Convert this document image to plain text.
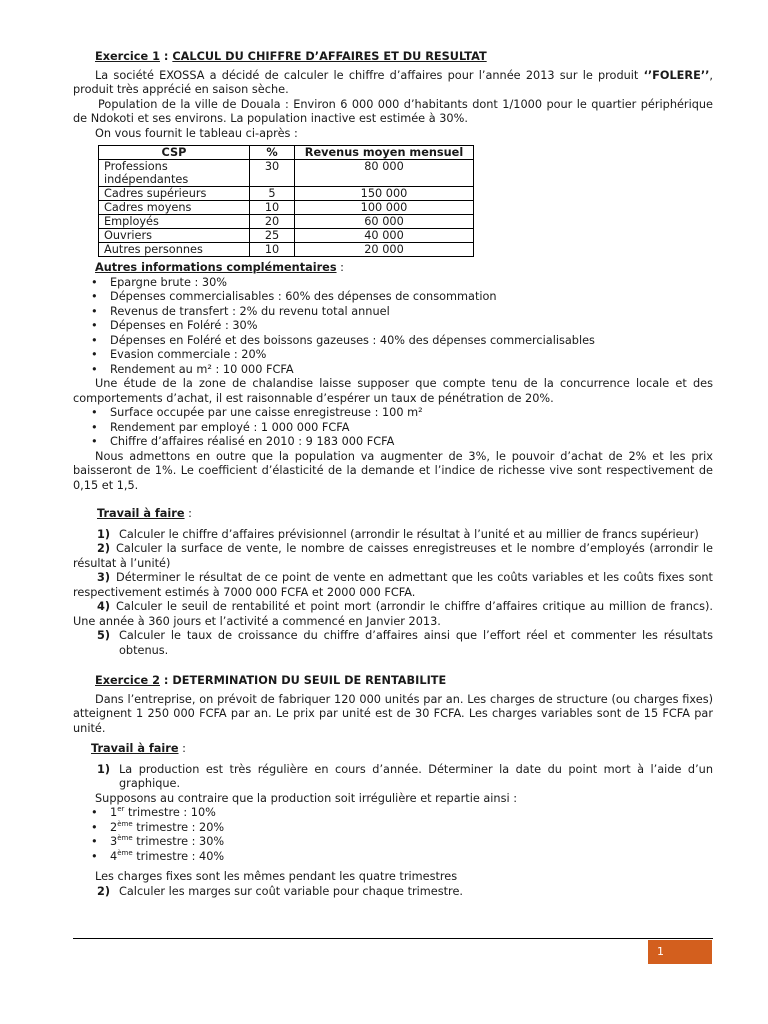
Exercice 1 : CALCUL DU CHIFFRE D’AFFAIRES ET DU RESULTAT

La société EXOSSA a décidé de calculer le chiffre d’affaires pour l’année 2013 sur le produit ‘’FOLERE’’, produit très apprécié en saison sèche.

Population de la ville de Douala : Environ 6 000 000 d’habitants dont 1/1000 pour le quartier périphérique de Ndokoti et ses environs. La population inactive est estimée à 30%.

On vous fournit le tableau ci-après :

CSP	%	Revenus moyen mensuel
Professions indépendantes	30	80 000
Cadres supérieurs	5	150 000
Cadres moyens	10	100 000
Employés	20	60 000
Ouvriers	25	40 000
Autres personnes	10	20 000

Autres informations complémentaires :

• Epargne brute : 30%
• Dépenses commercialisables : 60% des dépenses de consommation
• Revenus de transfert : 2% du revenu total annuel
• Dépenses en Foléré : 30%
• Dépenses en Foléré et des boissons gazeuses : 40% des dépenses commercialisables
• Evasion commerciale : 20%
• Rendement au m² : 10 000 FCFA

Une étude de la zone de chalandise laisse supposer que compte tenu de la concurrence locale et des comportements d’achat, il est raisonnable d’espérer un taux de pénétration de 20%.

• Surface occupée par une caisse enregistreuse : 100 m²
• Rendement par employé : 1 000 000 FCFA
• Chiffre d’affaires réalisé en 2010 : 9 183 000 FCFA

Nous admettons en outre que la population va augmenter de 3%, le pouvoir d’achat de 2% et les prix baisseront de 1%. Le coefficient d’élasticité de la demande et l’indice de richesse vive sont respectivement de 0,15 et 1,5.

Travail à faire :

1) Calculer le chiffre d’affaires prévisionnel (arrondir le résultat à l’unité et au millier de francs supérieur)
2) Calculer la surface de vente, le nombre de caisses enregistreuses et le nombre d’employés (arrondir le résultat à l’unité)
3) Déterminer le résultat de ce point de vente en admettant que les coûts variables et les coûts fixes sont respectivement estimés à 7000 000 FCFA et 2000 000 FCFA.
4) Calculer le seuil de rentabilité et point mort (arrondir le chiffre d’affaires critique au million de francs). Une année à 360 jours et l’activité a commencé en Janvier 2013.
5) Calculer le taux de croissance du chiffre d’affaires ainsi que l’effort réel et commenter les résultats obtenus.

Exercice 2 : DETERMINATION DU SEUIL DE RENTABILITE

Dans l’entreprise, on prévoit de fabriquer 120 000 unités par an. Les charges de structure (ou charges fixes) atteignent 1 250 000 FCFA par an. Le prix par unité est de 30 FCFA. Les charges variables sont de 15 FCFA par unité.

Travail à faire :

1) La production est très régulière en cours d’année. Déterminer la date du point mort à l’aide d’un graphique.

Supposons au contraire que la production soit irrégulière et repartie ainsi :

• 1er trimestre : 10%
• 2ème trimestre : 20%
• 3ème trimestre : 30%
• 4ème trimestre : 40%

Les charges fixes sont les mêmes pendant les quatre trimestres

2) Calculer les marges sur coût variable pour chaque trimestre.
1
